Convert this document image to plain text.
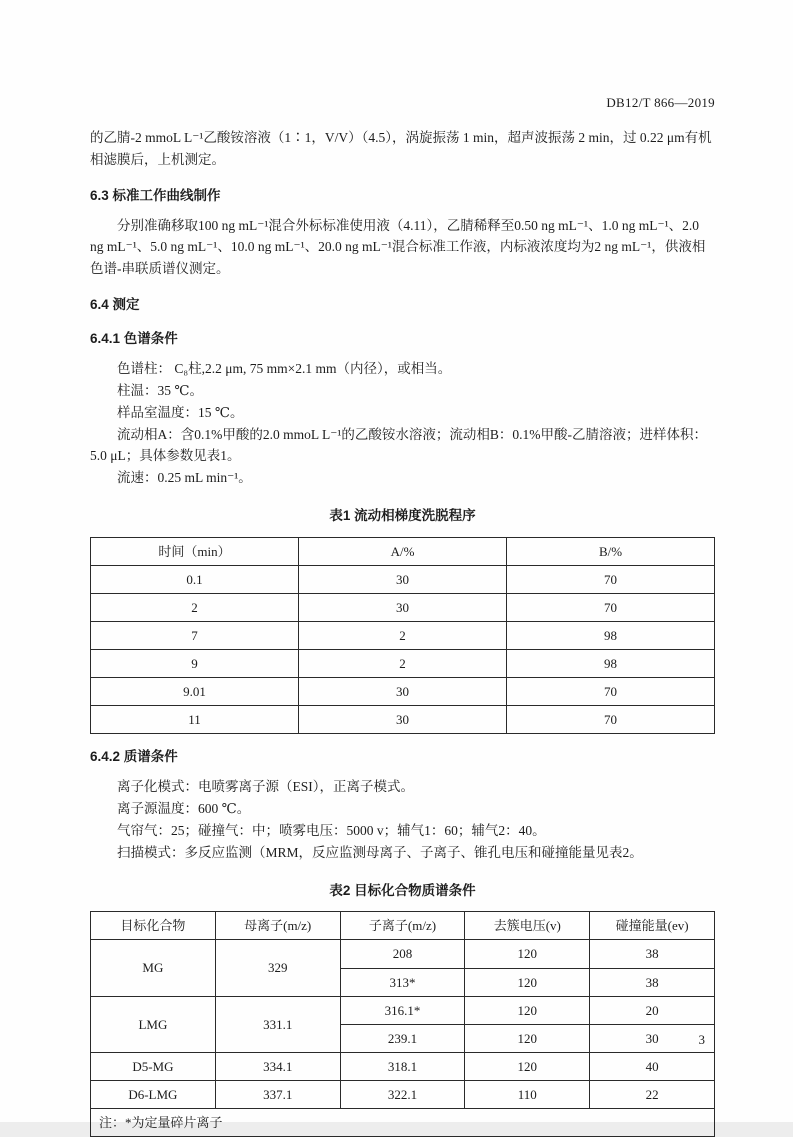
DB12/T 866—2019

的乙腈-2 mmoL L⁻¹乙酸铵溶液（1∶1，V/V）（4.5），涡旋振荡 1 min，超声波振荡 2 min，过 0.22 μm有机相滤膜后，上机测定。

6.3 标准工作曲线制作

分别准确移取100 ng mL⁻¹混合外标标准使用液（4.11），乙腈稀释至0.50 ng mL⁻¹、1.0 ng mL⁻¹、2.0 ng mL⁻¹、5.0 ng mL⁻¹、10.0 ng mL⁻¹、20.0 ng mL⁻¹混合标准工作液，内标液浓度均为2 ng mL⁻¹，供液相色谱-串联质谱仪测定。

6.4 测定
6.4.1 色谱条件

色谱柱： C₈柱,2.2 μm, 75 mm×2.1 mm（内径），或相当。

柱温：35 ℃。

样品室温度：15 ℃。

流动相A：含0.1%甲酸的2.0 mmoL L⁻¹的乙酸铵水溶液；流动相B：0.1%甲酸-乙腈溶液；进样体积：5.0 μL；具体参数见表1。

流速：0.25 mL min⁻¹。

表1 流动相梯度洗脱程序
时间（min）	A/%	B/%
0.1	30	70
2	30	70
7	2	98
9	2	98
9.01	30	70
11	30	70
6.4.2 质谱条件

离子化模式：电喷雾离子源（ESI），正离子模式。

离子源温度：600 ℃。

气帘气：25；碰撞气：中；喷雾电压：5000 v；辅气1：60；辅气2：40。

扫描模式：多反应监测（MRM，反应监测母离子、子离子、锥孔电压和碰撞能量见表2。

表2 目标化合物质谱条件
目标化合物	母离子(m/z)	子离子(m/z)	去簇电压(v)	碰撞能量(ev)
MG	329	208	120	38
		313*	120	38
LMG	331.1	316.1*	120	20
		239.1	120	30
D5-MG	334.1	318.1	120	40
D6-LMG	337.1	322.1	110	22
注：*为定量碎片离子				
3
